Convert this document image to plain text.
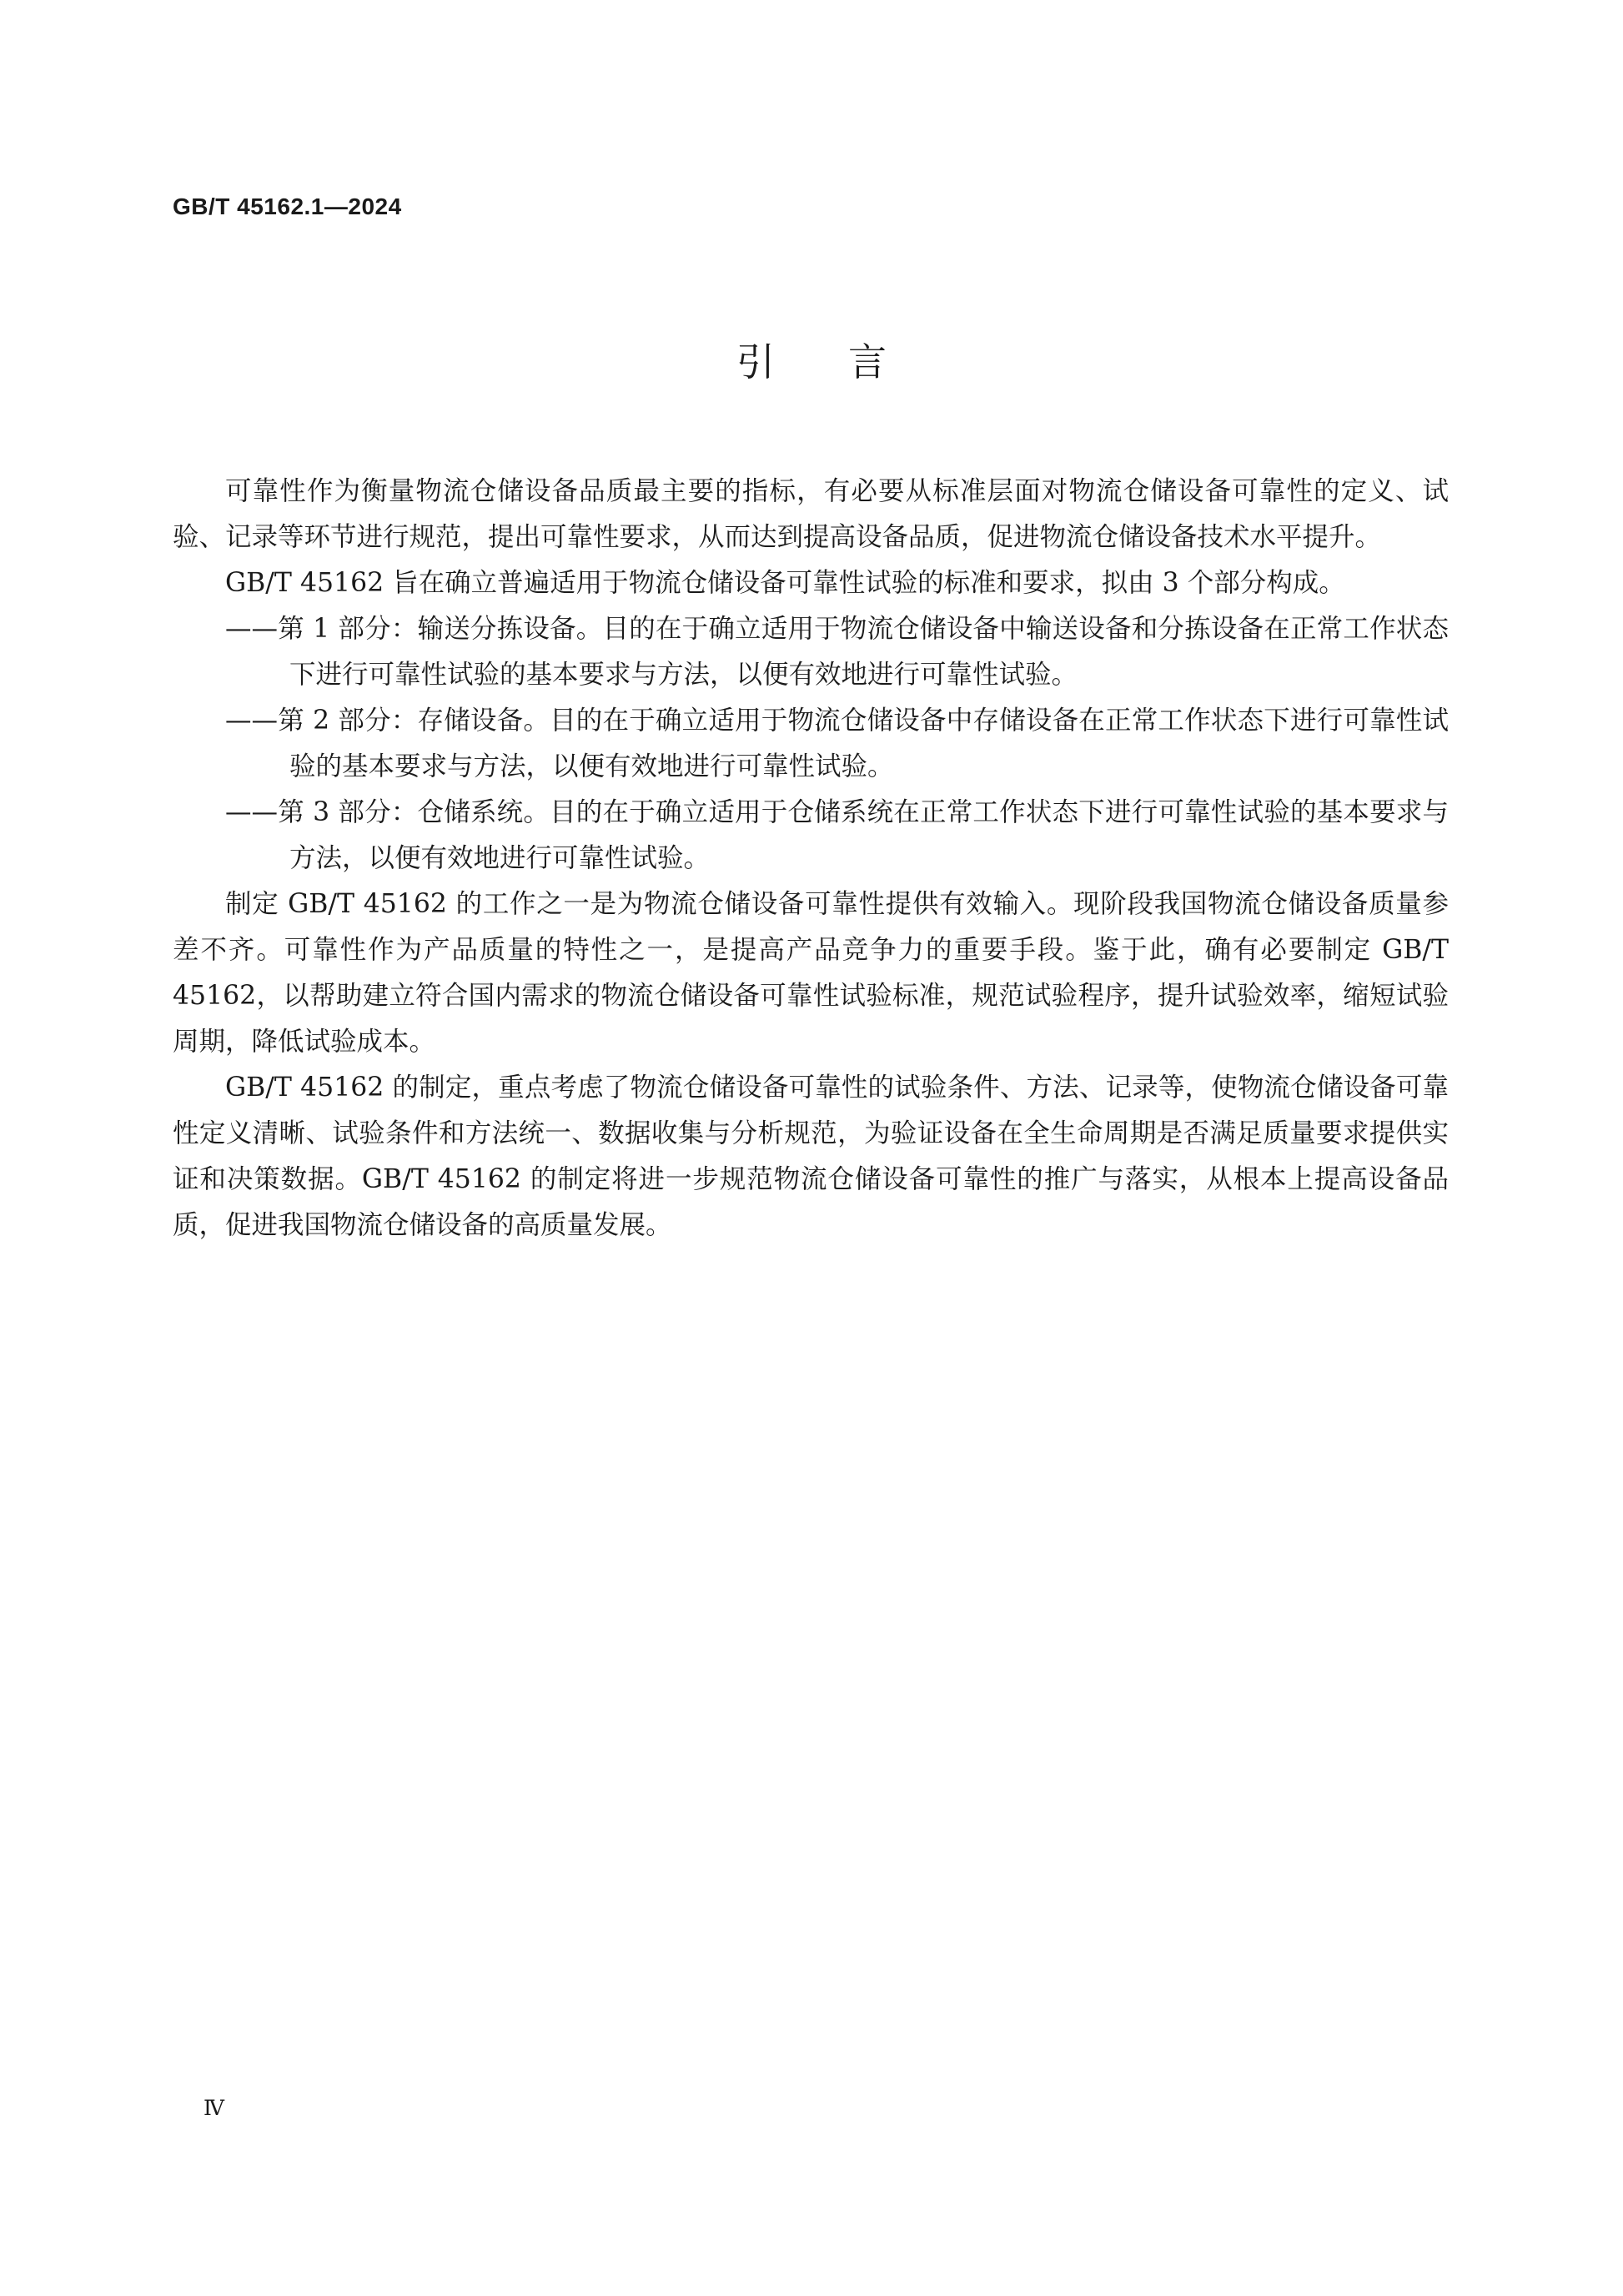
GB/T 45162.1—2024
引言

可靠性作为衡量物流仓储设备品质最主要的指标，有必要从标准层面对物流仓储设备可靠性的定义、试验、记录等环节进行规范，提出可靠性要求，从而达到提高设备品质，促进物流仓储设备技术水平提升。

GB/T 45162 旨在确立普遍适用于物流仓储设备可靠性试验的标准和要求，拟由 3 个部分构成。

——第 1 部分：输送分拣设备。目的在于确立适用于物流仓储设备中输送设备和分拣设备在正常工作状态下进行可靠性试验的基本要求与方法，以便有效地进行可靠性试验。

——第 2 部分：存储设备。目的在于确立适用于物流仓储设备中存储设备在正常工作状态下进行可靠性试验的基本要求与方法，以便有效地进行可靠性试验。

——第 3 部分：仓储系统。目的在于确立适用于仓储系统在正常工作状态下进行可靠性试验的基本要求与方法，以便有效地进行可靠性试验。

制定 GB/T 45162 的工作之一是为物流仓储设备可靠性提供有效输入。现阶段我国物流仓储设备质量参差不齐。可靠性作为产品质量的特性之一，是提高产品竞争力的重要手段。鉴于此，确有必要制定 GB/T 45162，以帮助建立符合国内需求的物流仓储设备可靠性试验标准，规范试验程序，提升试验效率，缩短试验周期，降低试验成本。

GB/T 45162 的制定，重点考虑了物流仓储设备可靠性的试验条件、方法、记录等，使物流仓储设备可靠性定义清晰、试验条件和方法统一、数据收集与分析规范，为验证设备在全生命周期是否满足质量要求提供实证和决策数据。GB/T 45162 的制定将进一步规范物流仓储设备可靠性的推广与落实，从根本上提高设备品质，促进我国物流仓储设备的高质量发展。

Ⅳ
